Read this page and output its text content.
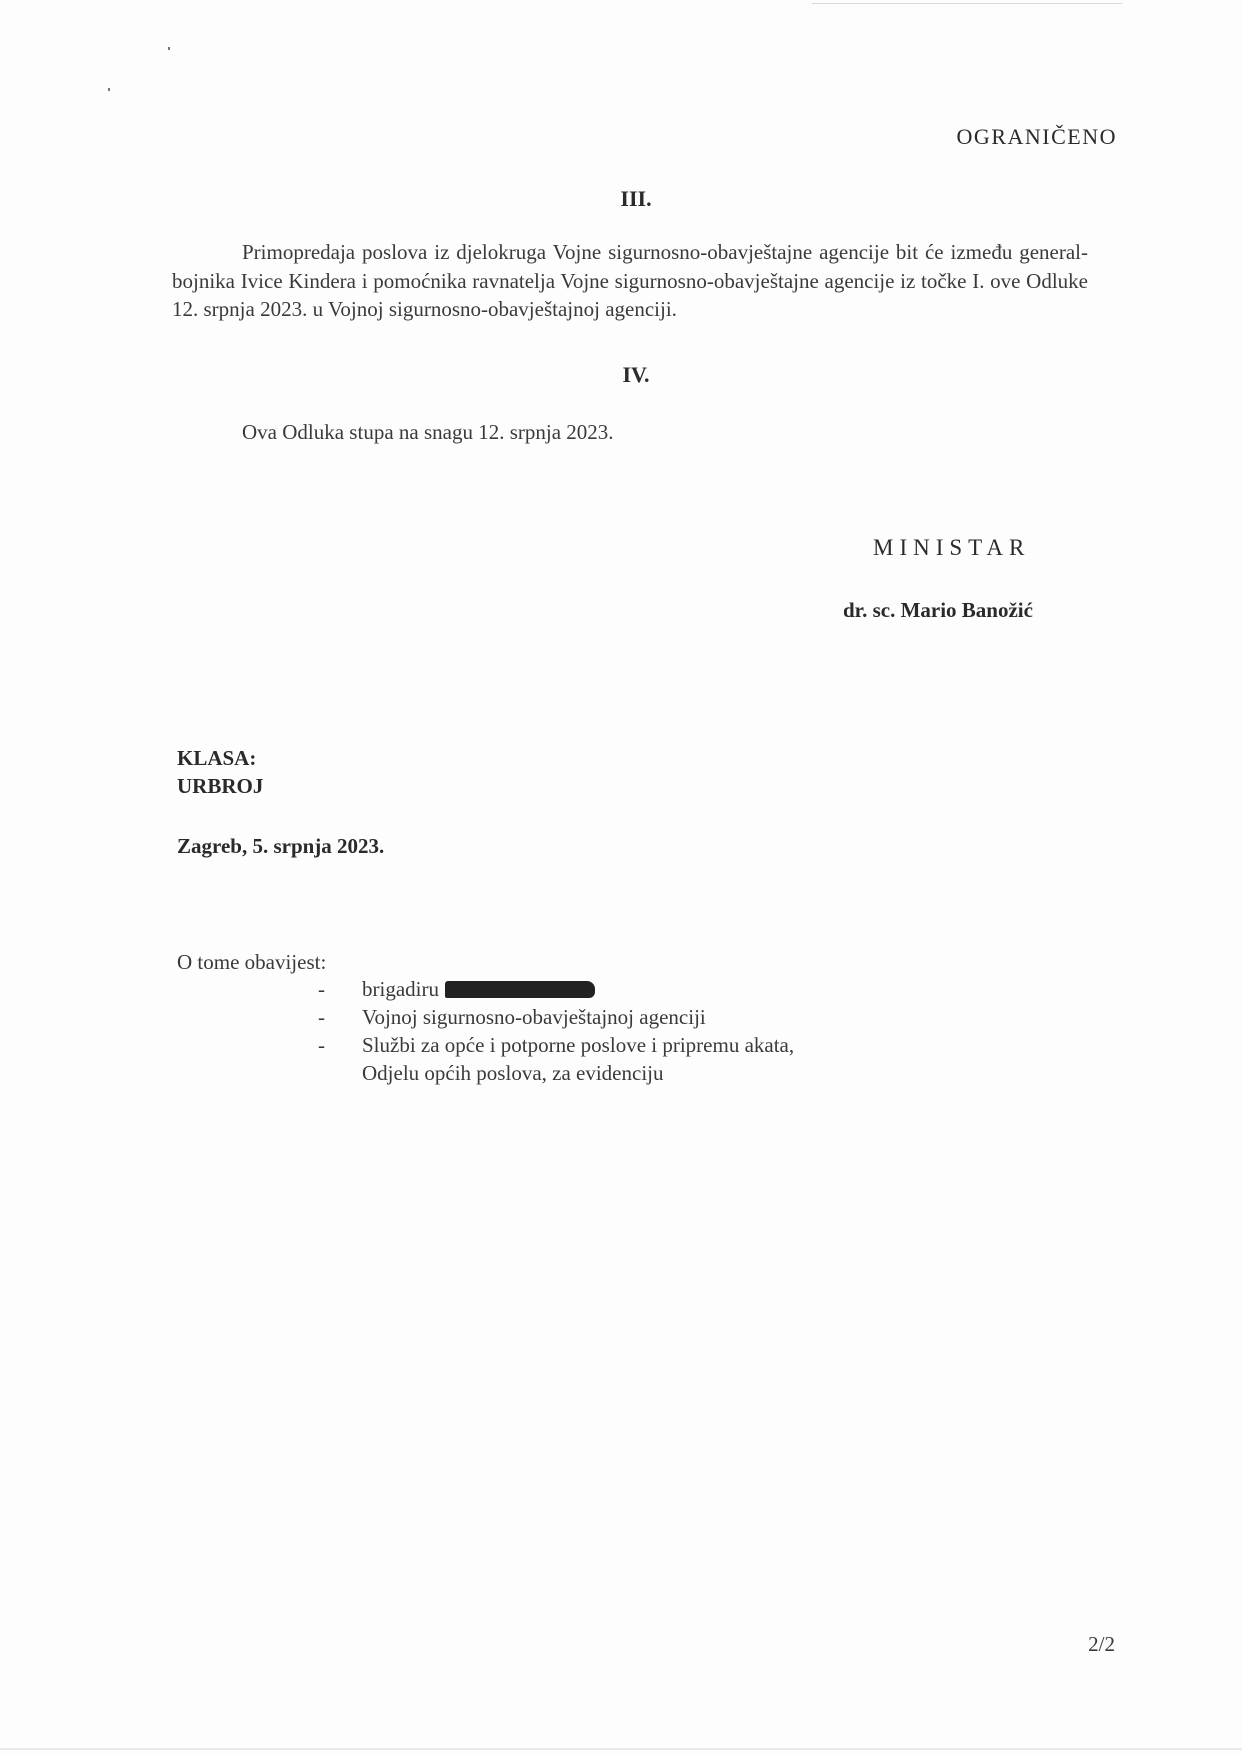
OGRANIČENO
III.
Primopredaja poslova iz djelokruga Vojne sigurnosno-obavještajne agencije bit će između general-bojnika Ivice Kindera i pomoćnika ravnatelja Vojne sigurnosno-obavještajne agencije iz točke I. ove Odluke 12. srpnja 2023. u Vojnoj sigurnosno-obavještajnoj agenciji.
IV.
Ova Odluka stupa na snagu 12. srpnja 2023.
MINISTAR
dr. sc. Mario Banožić
KLASA:
URBROJ
Zagreb, 5. srpnja 2023.
O tome obavijest:
- brigadiru
- Vojnoj sigurnosno-obavještajnoj agenciji
- Službi za opće i potporne poslove i pripremu akata,
Odjelu općih poslova, za evidenciju
2/2
